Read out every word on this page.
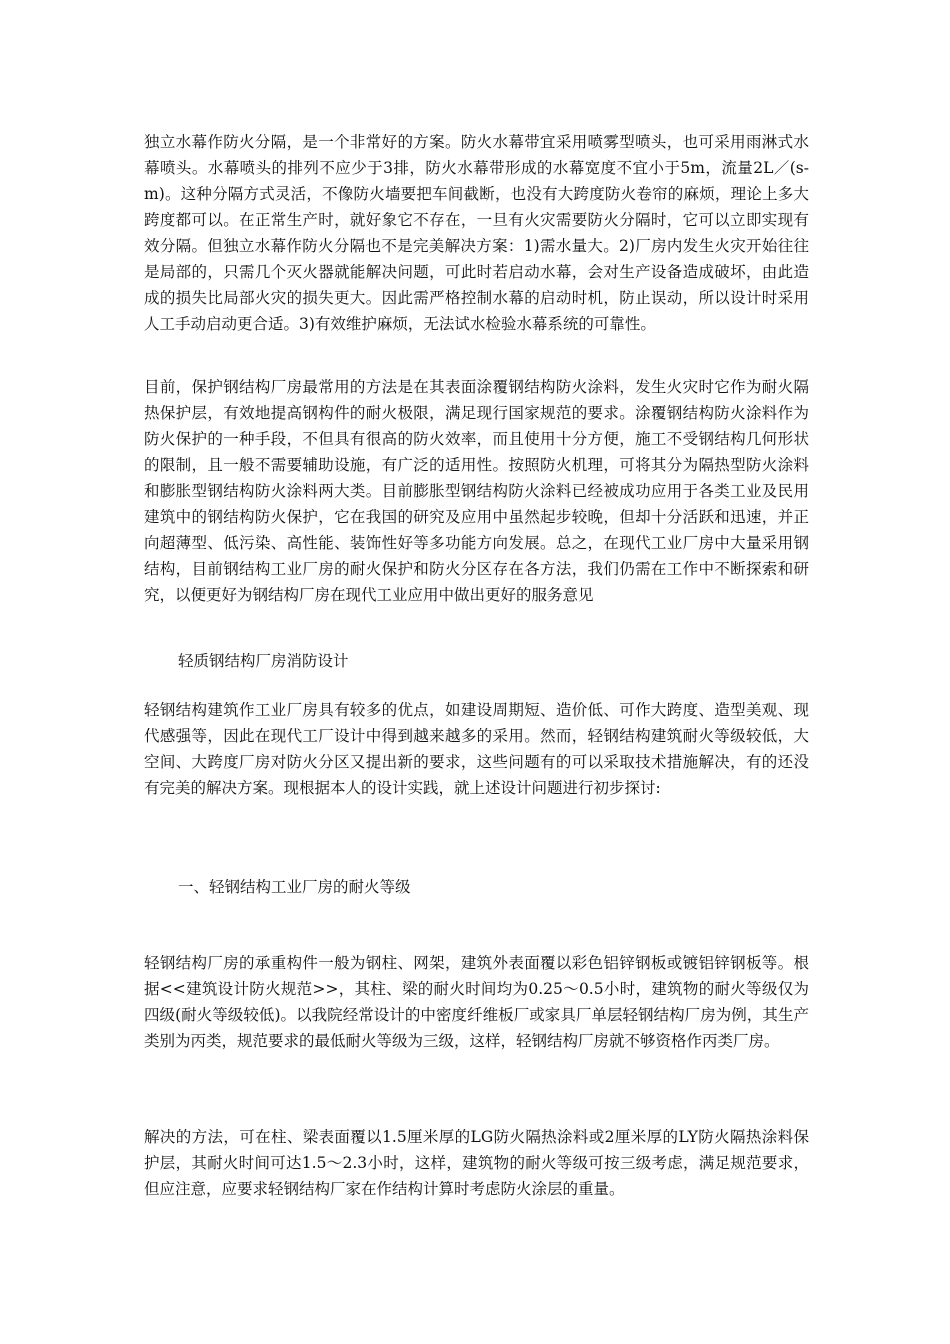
独立水幕作防火分隔，是一个非常好的方案。防火水幕带宜采用喷雾型喷头，也可采用雨淋式水幕喷头。水幕喷头的排列不应少于3排，防火水幕带形成的水幕宽度不宜小于5m，流量2L／(s-m)。这种分隔方式灵活，不像防火墙要把车间截断，也没有大跨度防火卷帘的麻烦，理论上多大跨度都可以。在正常生产时，就好象它不存在，一旦有火灾需要防火分隔时，它可以立即实现有效分隔。但独立水幕作防火分隔也不是完美解决方案：1)需水量大。2)厂房内发生火灾开始往往是局部的，只需几个灭火器就能解决问题，可此时若启动水幕，会对生产设备造成破坏，由此造成的损失比局部火灾的损失更大。因此需严格控制水幕的启动时机，防止误动，所以设计时采用人工手动启动更合适。3)有效维护麻烦，无法试水检验水幕系统的可靠性。

目前，保护钢结构厂房最常用的方法是在其表面涂覆钢结构防火涂料，发生火灾时它作为耐火隔热保护层，有效地提高钢构件的耐火极限，满足现行国家规范的要求。涂覆钢结构防火涂料作为防火保护的一种手段，不但具有很高的防火效率，而且使用十分方便，施工不受钢结构几何形状的限制，且一般不需要辅助设施，有广泛的适用性。按照防火机理，可将其分为隔热型防火涂料和膨胀型钢结构防火涂料两大类。目前膨胀型钢结构防火涂料已经被成功应用于各类工业及民用建筑中的钢结构防火保护，它在我国的研究及应用中虽然起步较晚，但却十分活跃和迅速，并正向超薄型、低污染、高性能、装饰性好等多功能方向发展。总之，在现代工业厂房中大量采用钢结构，目前钢结构工业厂房的耐火保护和防火分区存在各方法，我们仍需在工作中不断探索和研究，以便更好为钢结构厂房在现代工业应用中做出更好的服务意见

轻质钢结构厂房消防设计

轻钢结构建筑作工业厂房具有较多的优点，如建设周期短、造价低、可作大跨度、造型美观、现代感强等，因此在现代工厂设计中得到越来越多的采用。然而，轻钢结构建筑耐火等级较低，大空间、大跨度厂房对防火分区又提出新的要求，这些问题有的可以采取技术措施解决，有的还没有完美的解决方案。现根据本人的设计实践，就上述设计问题进行初步探讨:

一、轻钢结构工业厂房的耐火等级

轻钢结构厂房的承重构件一般为钢柱、网架，建筑外表面覆以彩色铝锌钢板或镀铝锌钢板等。根据<<建筑设计防火规范>>，其柱、梁的耐火时间均为0.25～0.5小时，建筑物的耐火等级仅为四级(耐火等级较低)。以我院经常设计的中密度纤维板厂或家具厂单层轻钢结构厂房为例，其生产类别为丙类，规范要求的最低耐火等级为三级，这样，轻钢结构厂房就不够资格作丙类厂房。

解决的方法，可在柱、梁表面覆以1.5厘米厚的LG防火隔热涂料或2厘米厚的LY防火隔热涂料保护层，其耐火时间可达1.5～2.3小时，这样，建筑物的耐火等级可按三级考虑，满足规范要求，但应注意，应要求轻钢结构厂家在作结构计算时考虑防火涂层的重量。
